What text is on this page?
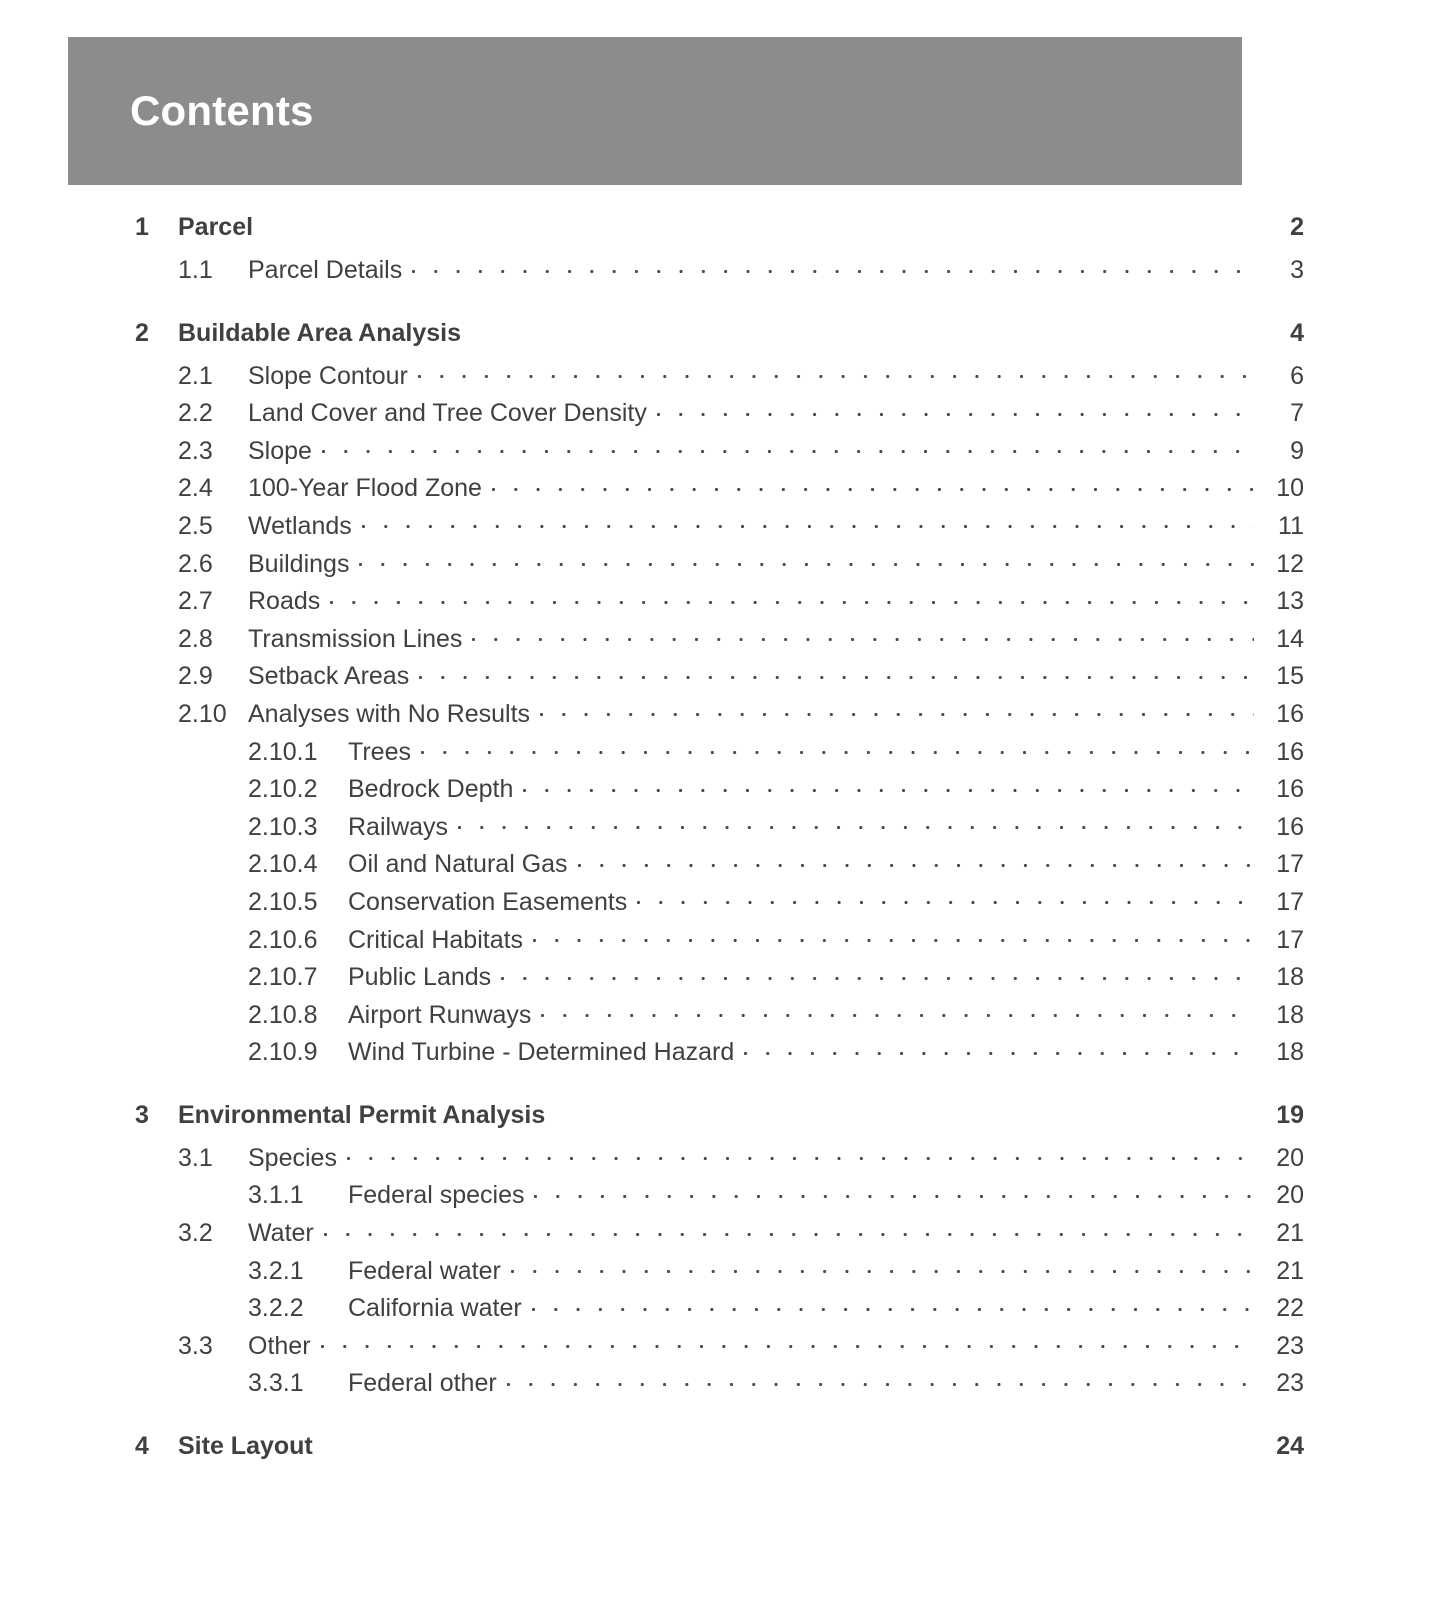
Contents
1	Parcel	2
1.1	Parcel Details	3
2	Buildable Area Analysis	4
2.1	Slope Contour	6
2.2	Land Cover and Tree Cover Density	7
2.3	Slope	9
2.4	100-Year Flood Zone	10
2.5	Wetlands	11
2.6	Buildings	12
2.7	Roads	13
2.8	Transmission Lines	14
2.9	Setback Areas	15
2.10 Analyses with No Results	16
2.10.1	Trees	16
2.10.2	Bedrock Depth	16
2.10.3	Railways	16
2.10.4	Oil and Natural Gas	17
2.10.5	Conservation Easements	17
2.10.6	Critical Habitats	17
2.10.7	Public Lands	18
2.10.8	Airport Runways	18
2.10.9	Wind Turbine - Determined Hazard	18
3	Environmental Permit Analysis	19
3.1	Species	20
3.1.1	Federal species	20
3.2	Water	21
3.2.1	Federal water	21
3.2.2	California water	22
3.3	Other	23
3.3.1	Federal other	23
4	Site Layout	24
